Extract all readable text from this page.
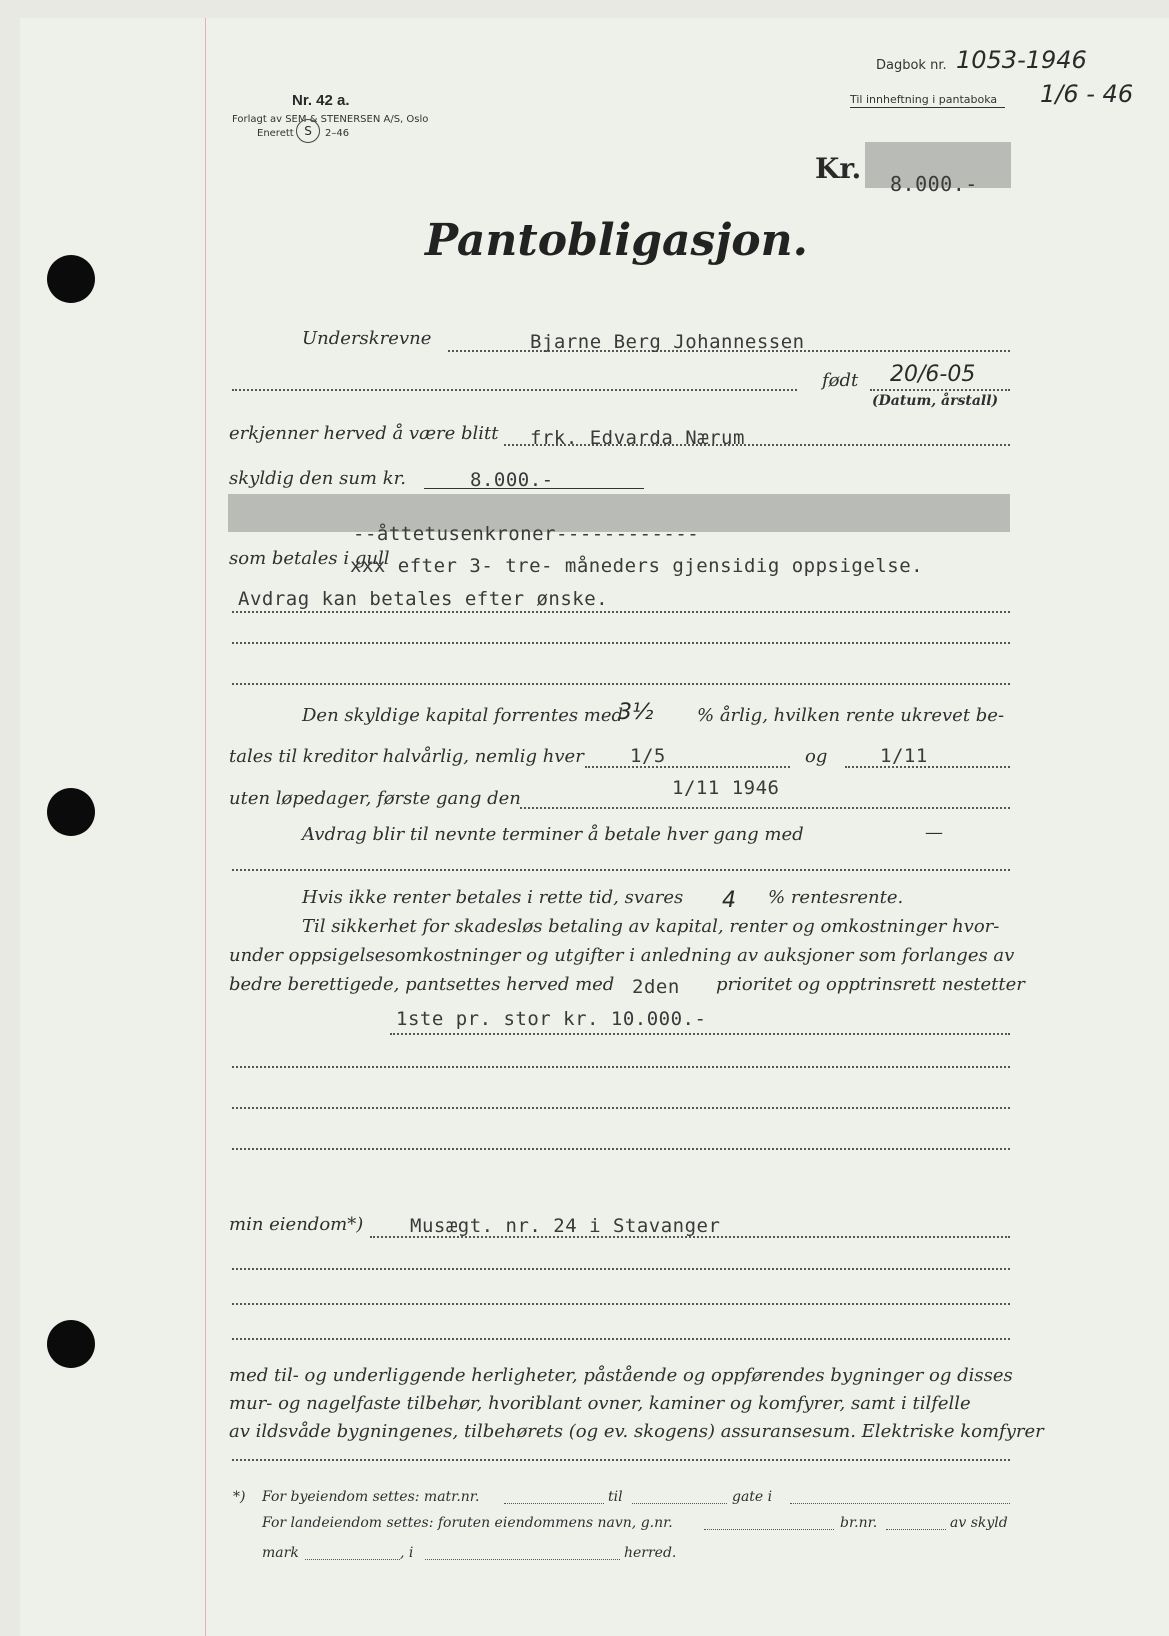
Nr. 42 a.
Forlagt av SEM & STENERSEN A/S, Oslo
Enerett S	2–46
Dagbok nr. 1053-1946
Til innheftning i pantaboka 1/6 - 46
Kr. 8.000.-
Pantobligasjon.
Underskrevne	Bjarne Berg Johannessen
født 20/6-05
(Datum, årstall)
erkjenner herved å være blitt frk. Edvarda Nærum
skyldig den sum kr.	8.000.-
--åttetusenkroner------------
som betales i gull
xxx efter 3- tre- måneders gjensidig oppsigelse.
Avdrag kan betales efter ønske.
Den skyldige kapital forrentes med
3½ % årlig, hvilken rente ukrevet be-
tales til kreditor halvårlig, nemlig hver 1/5	og	1/11
uten løpedager, første gang den	1/11 1946
Avdrag blir til nevnte terminer å betale hver gang med	—
Hvis ikke renter betales i rette tid, svares 4 % rentesrente.
Til sikkerhet for skadesløs betaling av kapital, renter og omkostninger hvor-
under oppsigelsesomkostninger og utgifter i anledning av auksjoner som forlanges av
bedre berettigede, pantsettes herved med 2den prioritet og opptrinsrett nestetter
1ste pr. stor kr. 10.000.-
min eiendom*) Musægt. nr. 24 i Stavanger
med til- og underliggende herligheter, påstående og oppførendes bygninger og disses
mur- og nagelfaste tilbehør, hvoriblant ovner, kaminer og komfyrer, samt i tilfelle
av ildsvåde bygningenes, tilbehørets (og ev. skogens) assuransesum. Elektriske komfyrer
*) For byeiendom settes: matr.nr.	til	gate i
For landeiendom settes: foruten eiendommens navn, g.nr.	br.nr.	av skyld
mark	, i	herred.
